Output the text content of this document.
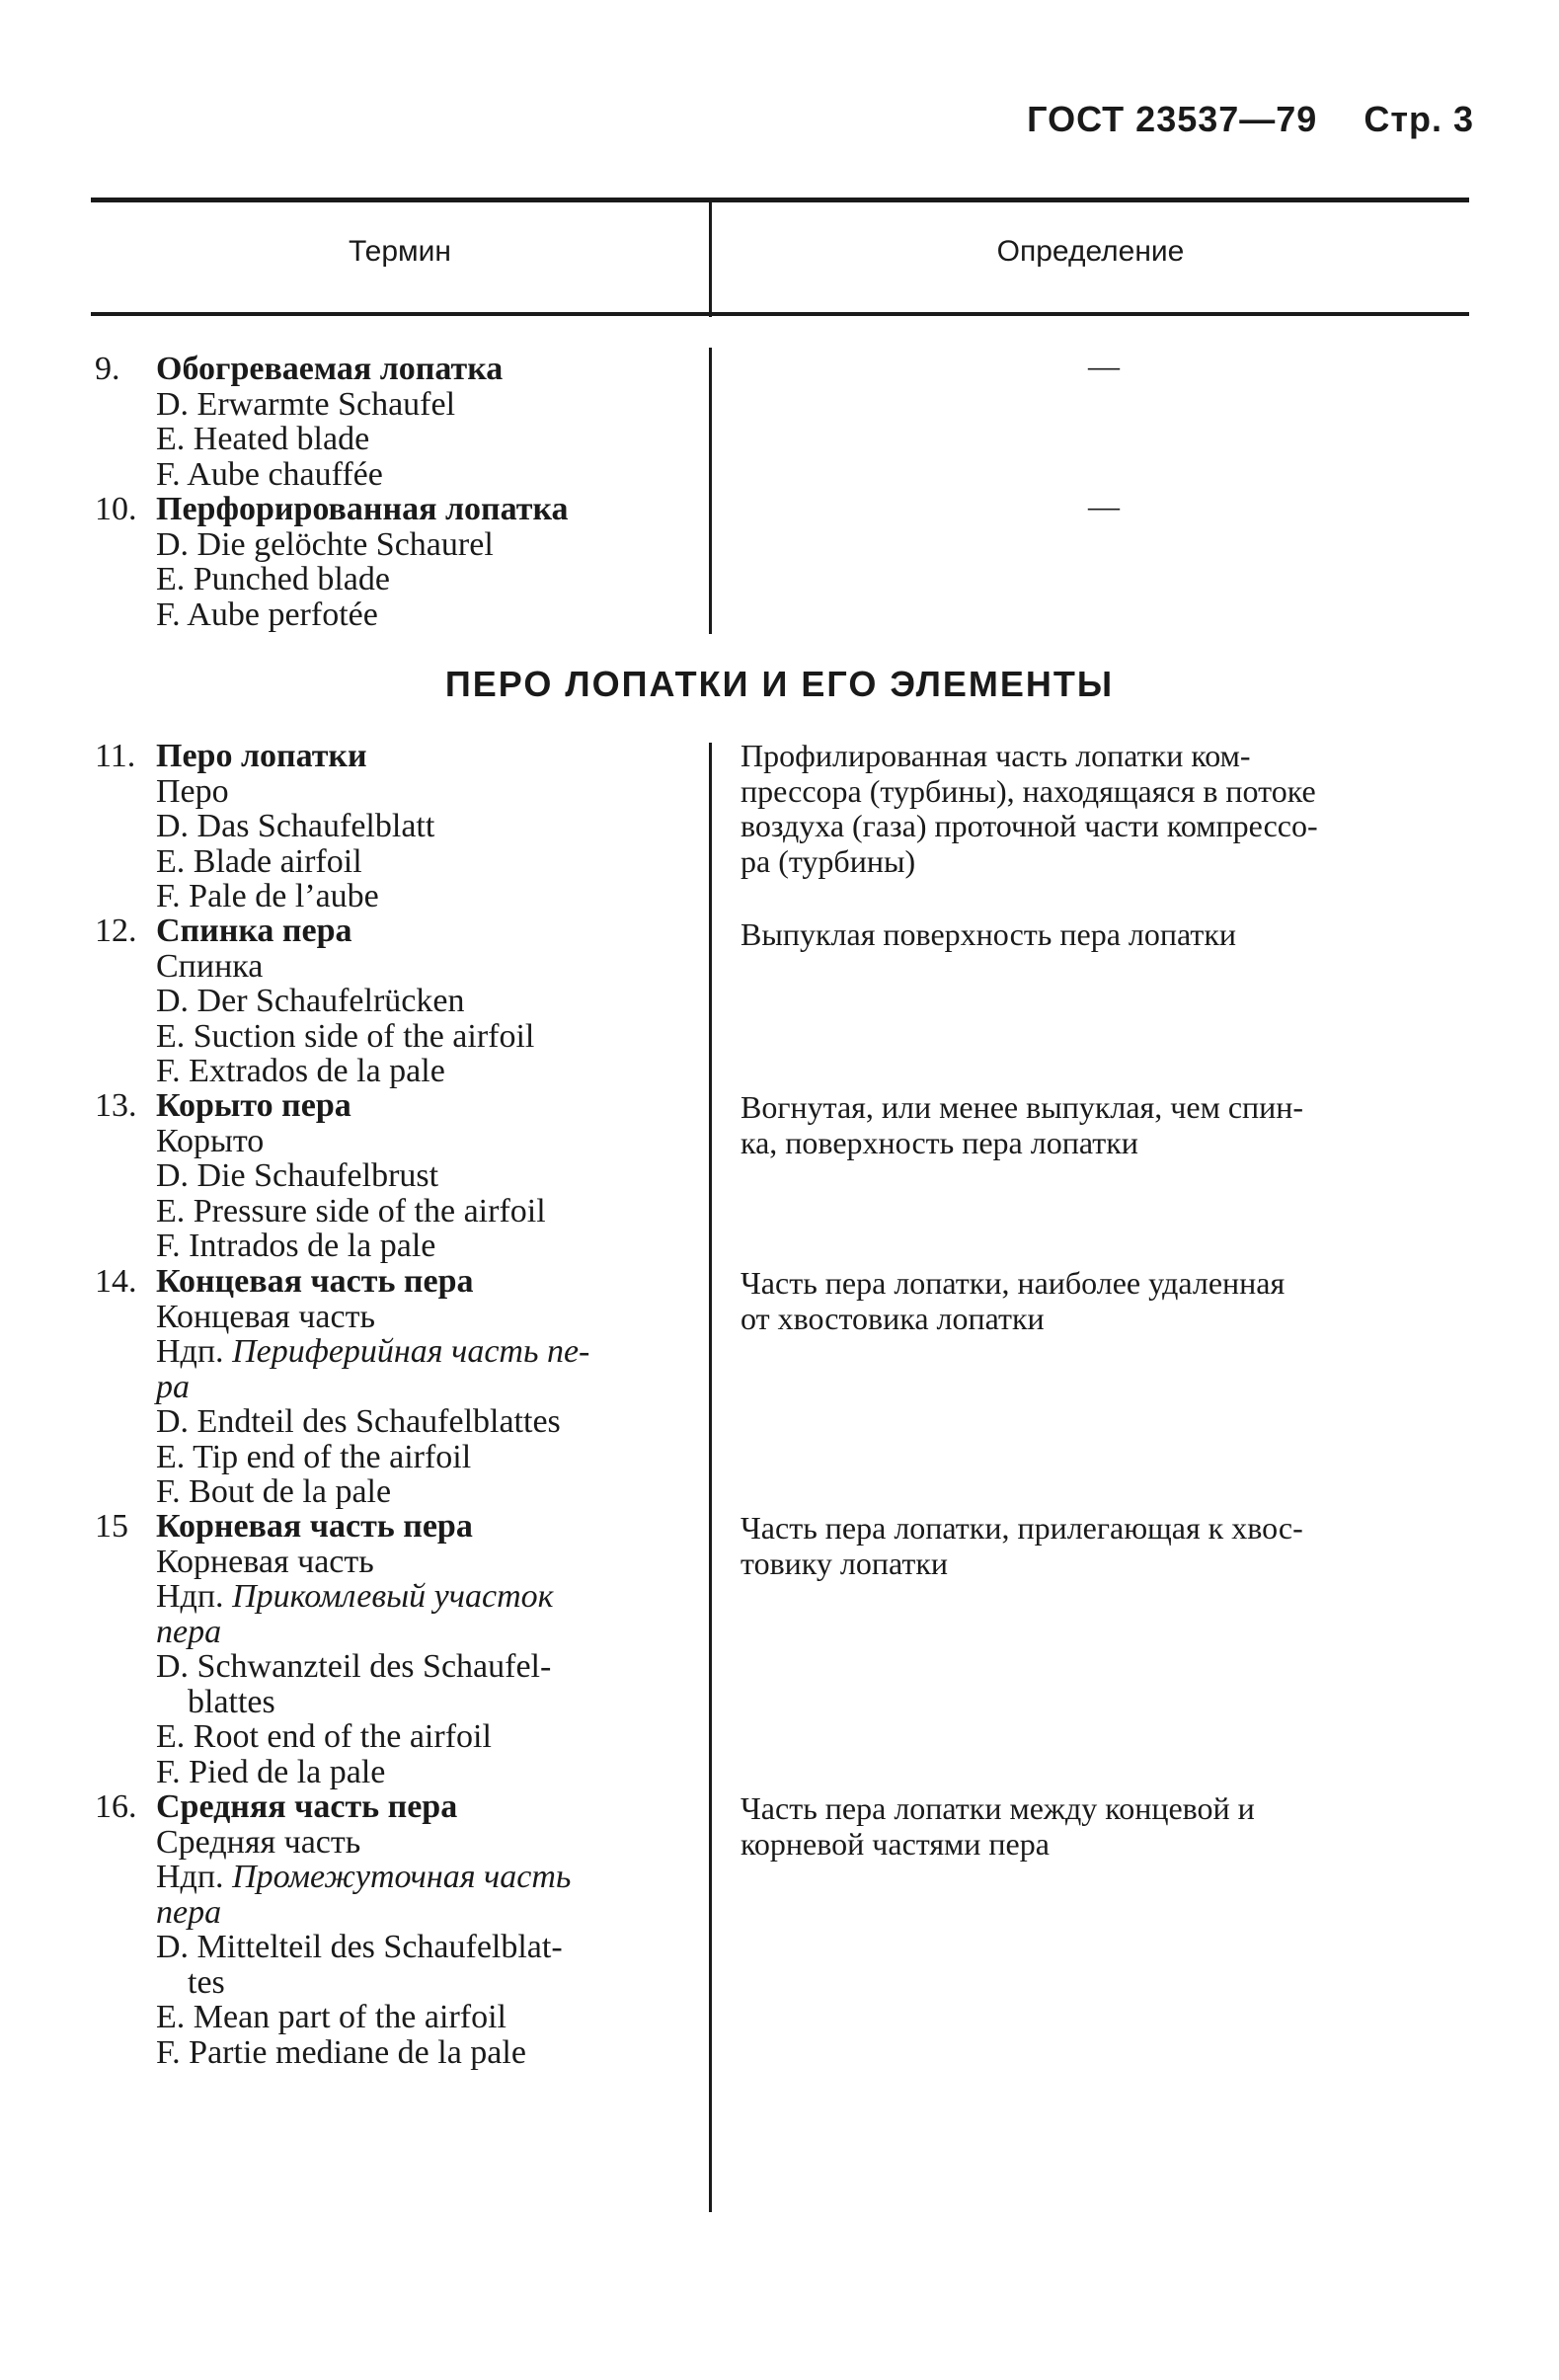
ГОСТ 23537—79 Стр. 3
Термин	Определение
9. Обогреваемая лопатка
D. Erwarmte Schaufel
E. Heated blade
F. Aube chauffée
—
10. Перфорированная лопатка
D. Die gelöchte Schaurel
E. Punched blade
F. Aube perfotée
—
ПЕРО ЛОПАТКИ И ЕГО ЭЛЕМЕНТЫ
11. Перо лопатки
Перо
D. Das Schaufelblatt
E. Blade airfoil
F. Pale de l’aube
Профилированная часть лопатки ком-
прессора (турбины), находящаяся в потоке
воздуха (газа) проточной части компрессо-
ра (турбины)
12. Спинка пера
Спинка
D. Der Schaufelrücken
E. Suction side of the airfoil
F. Extrados de la pale
Выпуклая поверхность пера лопатки
13. Корыто пера
Корыто
D. Die Schaufelbrust
E. Pressure side of the airfoil
F. Intrados de la pale
Вогнутая, или менее выпуклая, чем спин-
ка, поверхность пера лопатки
14. Концевая часть пера
Концевая часть
Ндп. Периферийная часть пе-
ра
D. Endteil des Schaufelblattes
E. Tip end of the airfoil
F. Bout de la pale
Часть пера лопатки, наиболее удаленная
от хвостовика лопатки
15 Корневая часть пера
Корневая часть
Ндп. Прикомлевый участок
пера
D. Schwanzteil des Schaufel-
blattes
E. Root end of the airfoil
F. Pied de la pale
Часть пера лопатки, прилегающая к хвос-
товику лопатки
16. Средняя часть пера
Средняя часть
Ндп. Промежуточная часть
пера
D. Mittelteil des Schaufelblat-
tes
E. Mean part of the airfoil
F. Partie mediane de la pale
Часть пера лопатки между концевой и
корневой частями пера
